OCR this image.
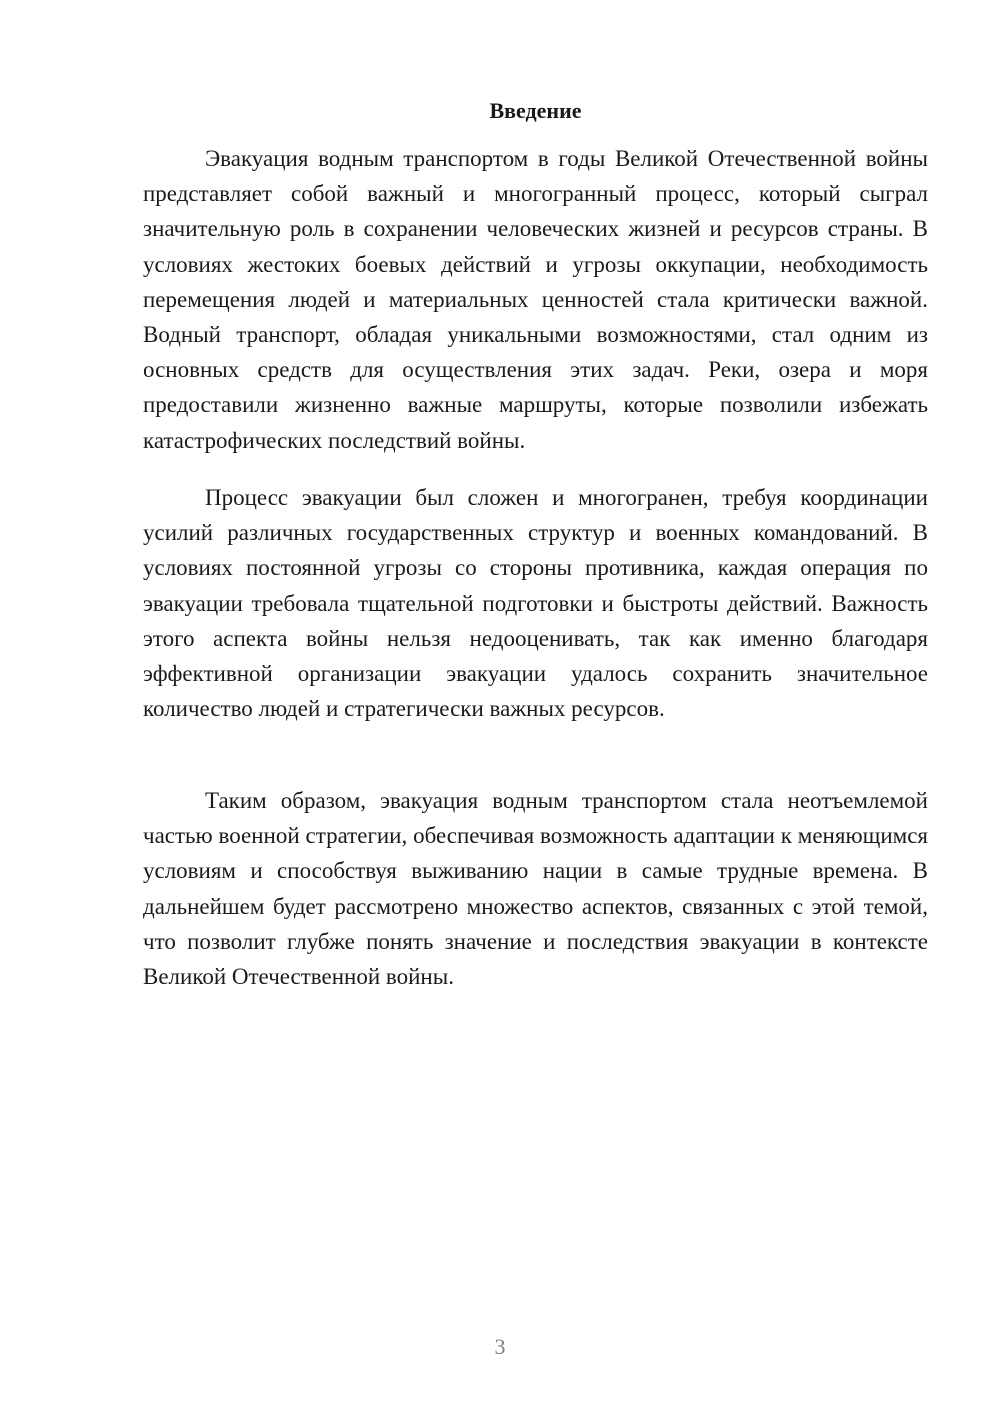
Введение

Эвакуация водным транспортом в годы Великой Отечественной войны представляет собой важный и многогранный процесс, который сыграл значительную роль в сохранении человеческих жизней и ресурсов страны. В условиях жестоких боевых действий и угрозы оккупации, необходимость перемещения людей и материальных ценностей стала критически важной. Водный транспорт, обладая уникальными возможностями, стал одним из основных средств для осуществления этих задач. Реки, озера и моря предоставили жизненно важные маршруты, которые позволили избежать катастрофических последствий войны.

Процесс эвакуации был сложен и многогранен, требуя координации усилий различных государственных структур и военных командований. В условиях постоянной угрозы со стороны противника, каждая операция по эвакуации требовала тщательной подготовки и быстроты действий. Важность этого аспекта войны нельзя недооценивать, так как именно благодаря эффективной организации эвакуации удалось сохранить значительное количество людей и стратегически важных ресурсов.

Таким образом, эвакуация водным транспортом стала неотъемлемой частью военной стратегии, обеспечивая возможность адаптации к меняющимся условиям и способствуя выживанию нации в самые трудные времена. В дальнейшем будет рассмотрено множество аспектов, связанных с этой темой, что позволит глубже понять значение и последствия эвакуации в контексте Великой Отечественной войны.

3
